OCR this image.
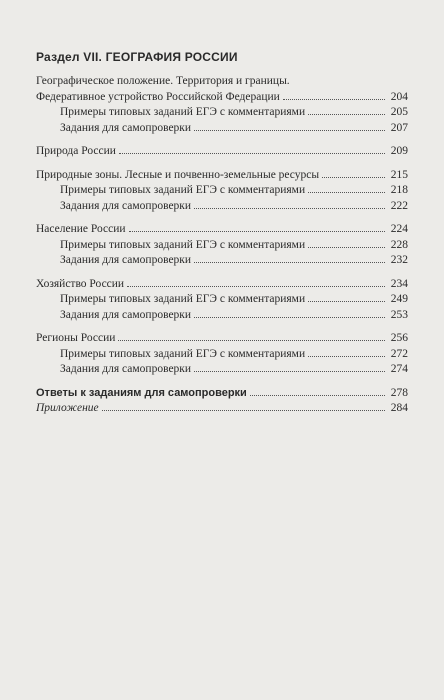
Раздел VII. ГЕОГРАФИЯ РОССИИ
Географическое положение. Территория и границы.
Федеративное устройство Российской Федерации	204
Примеры типовых заданий ЕГЭ с комментариями	205
Задания для самопроверки	207
Природа России	209
Природные зоны. Лесные и почвенно-земельные ресурсы	215
Примеры типовых заданий ЕГЭ с комментариями	218
Задания для самопроверки	222
Население России	224
Примеры типовых заданий ЕГЭ с комментариями	228
Задания для самопроверки	232
Хозяйство России	234
Примеры типовых заданий ЕГЭ с комментариями	249
Задания для самопроверки	253
Регионы России	256
Примеры типовых заданий ЕГЭ с комментариями	272
Задания для самопроверки	274
Ответы к заданиям для самопроверки	278
Приложение	284
